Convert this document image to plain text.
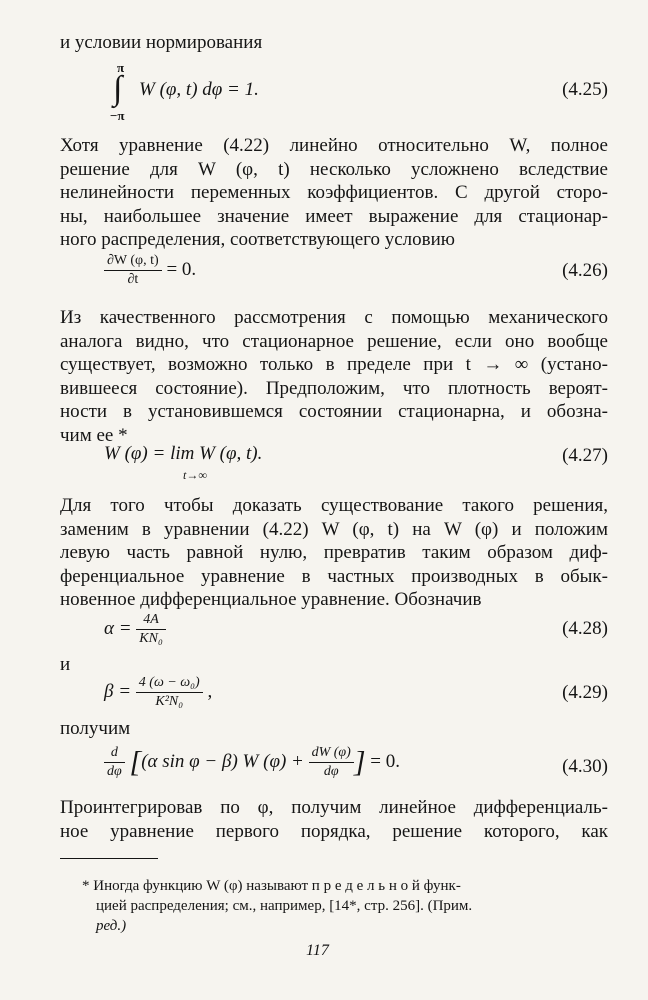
и условии нормирования
π
∫
−π
W (φ, t) dφ = 1.	(4.25)
Хотя уравнение (4.22) линейно относительно W, полное
решение для W (φ, t) несколько усложнено вследствие
нелинейности переменных коэффициентов. С другой сторо-
ны, наибольшее значение имеет выражение для стационар-
ного распределения, соответствующего условию
$\frac{\partial W (\varphi, t)}{\partial t} = 0$.	(4.26)
Из качественного рассмотрения с помощью механического
аналога видно, что стационарное решение, если оно вообще
существует, возможно только в пределе при t → ∞ (устано-
вившееся состояние). Предположим, что плотность вероят-
ности в установившемся состоянии стационарна, и обозна-
чим ее *
W (φ) = lim W (φ, t).
t→∞
(4.27)
Для того чтобы доказать существование такого решения,
заменим в уравнении (4.22) W (φ, t) на W (φ) и положим
левую часть равной нулю, превратив таким образом диф-
ференциальное уравнение в частных производных в обык-
новенное дифференциальное уравнение. Обозначив
$\alpha = \frac{4A}{\text{KN₀}}$	(4.28)
и
$\beta = \frac{\text{4 (ω − ω₀)}}{\text{K²N₀}}$ ,	(4.29)
получим
$\frac{d}{d\varphi} [(\alpha$ sin φ − β) W $(\varphi) + \frac{dW (\varphi)}{d\varphi}$ ] = 0.	(4.30)
Проинтегрировав по φ, получим линейное дифференциаль-
ное уравнение первого порядка, решение которого, как
* Иногда функцию W (φ) называют п р е д е л ь н о й функ-
цией распределения; см., например, [14*, стр. 256]. (Прим.
ред.)
117
